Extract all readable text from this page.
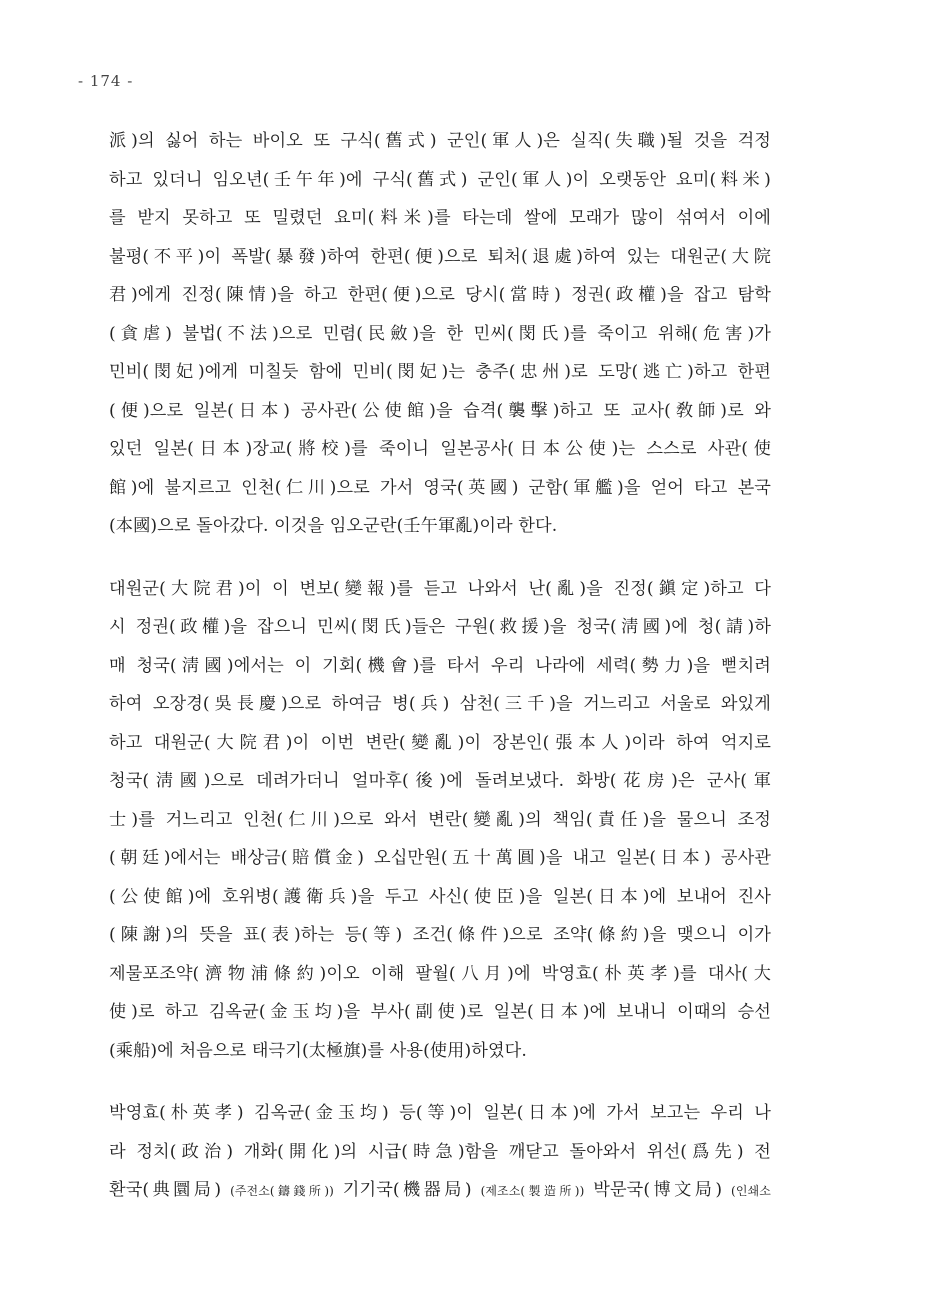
- 174 -
派)의 싫어 하는 바이오 또 구식(舊式) 군인(軍人)은 실직(失職)될 것을 걱정
하고 있더니 임오년(壬午年)에 구식(舊式) 군인(軍人)이 오랫동안 요미(料米)
를 받지 못하고 또 밀렸던 요미(料米)를 타는데 쌀에 모래가 많이 섞여서 이에
불평(不平)이 폭발(暴發)하여 한편(便)으로 퇴처(退處)하여 있는 대원군(大院
君)에게 진정(陳情)을 하고 한편(便)으로 당시(當時) 정권(政權)을 잡고 탐학
(貪虐) 불법(不法)으로 민렴(民斂)을 한 민씨(閔氏)를 죽이고 위해(危害)가
민비(閔妃)에게 미칠듯 함에 민비(閔妃)는 충주(忠州)로 도망(逃亡)하고 한편
(便)으로 일본(日本) 공사관(公使館)을 습격(襲擊)하고 또 교사(敎師)로 와
있던 일본(日本)장교(將校)를 죽이니 일본공사(日本公使)는 스스로 사관(使
館)에 불지르고 인천(仁川)으로 가서 영국(英國) 군함(軍艦)을 얻어 타고 본국
(本國)으로 돌아갔다. 이것을 임오군란(壬午軍亂)이라 한다.
대원군(大院君)이 이 변보(變報)를 듣고 나와서 난(亂)을 진정(鎭定)하고 다
시 정권(政權)을 잡으니 민씨(閔氏)들은 구원(救援)을 청국(淸國)에 청(請)하
매 청국(淸國)에서는 이 기회(機會)를 타서 우리 나라에 세력(勢力)을 뻗치려
하여 오장경(吳長慶)으로 하여금 병(兵) 삼천(三千)을 거느리고 서울로 와있게
하고 대원군(大院君)이 이번 변란(變亂)이 장본인(張本人)이라 하여 억지로
청국(淸國)으로 데려가더니 얼마후(後)에 돌려보냈다. 화방(花房)은 군사(軍
士)를 거느리고 인천(仁川)으로 와서 변란(變亂)의 책임(責任)을 물으니 조정
(朝廷)에서는 배상금(賠償金) 오십만원(五十萬圓)을 내고 일본(日本) 공사관
(公使館)에 호위병(護衛兵)을 두고 사신(使臣)을 일본(日本)에 보내어 진사
(陳謝)의 뜻을 표(表)하는 등(等) 조건(條件)으로 조약(條約)을 맺으니 이가
제물포조약(濟物浦條約)이오 이해 팔월(八月)에 박영효(朴英孝)를 대사(大
使)로 하고 김옥균(金玉均)을 부사(副使)로 일본(日本)에 보내니 이때의 승선
(乘船)에 처음으로 태극기(太極旗)를 사용(使用)하였다.
박영효(朴英孝) 김옥균(金玉均) 등(等)이 일본(日本)에 가서 보고는 우리 나
라 정치(政治) 개화(開化)의 시급(時急)함을 깨닫고 돌아와서 위선(爲先) 전
환국(典圜局) (주전소(鑄錢所)) 기기국(機器局) (제조소(製造所)) 박문국(博文局) (인쇄소
